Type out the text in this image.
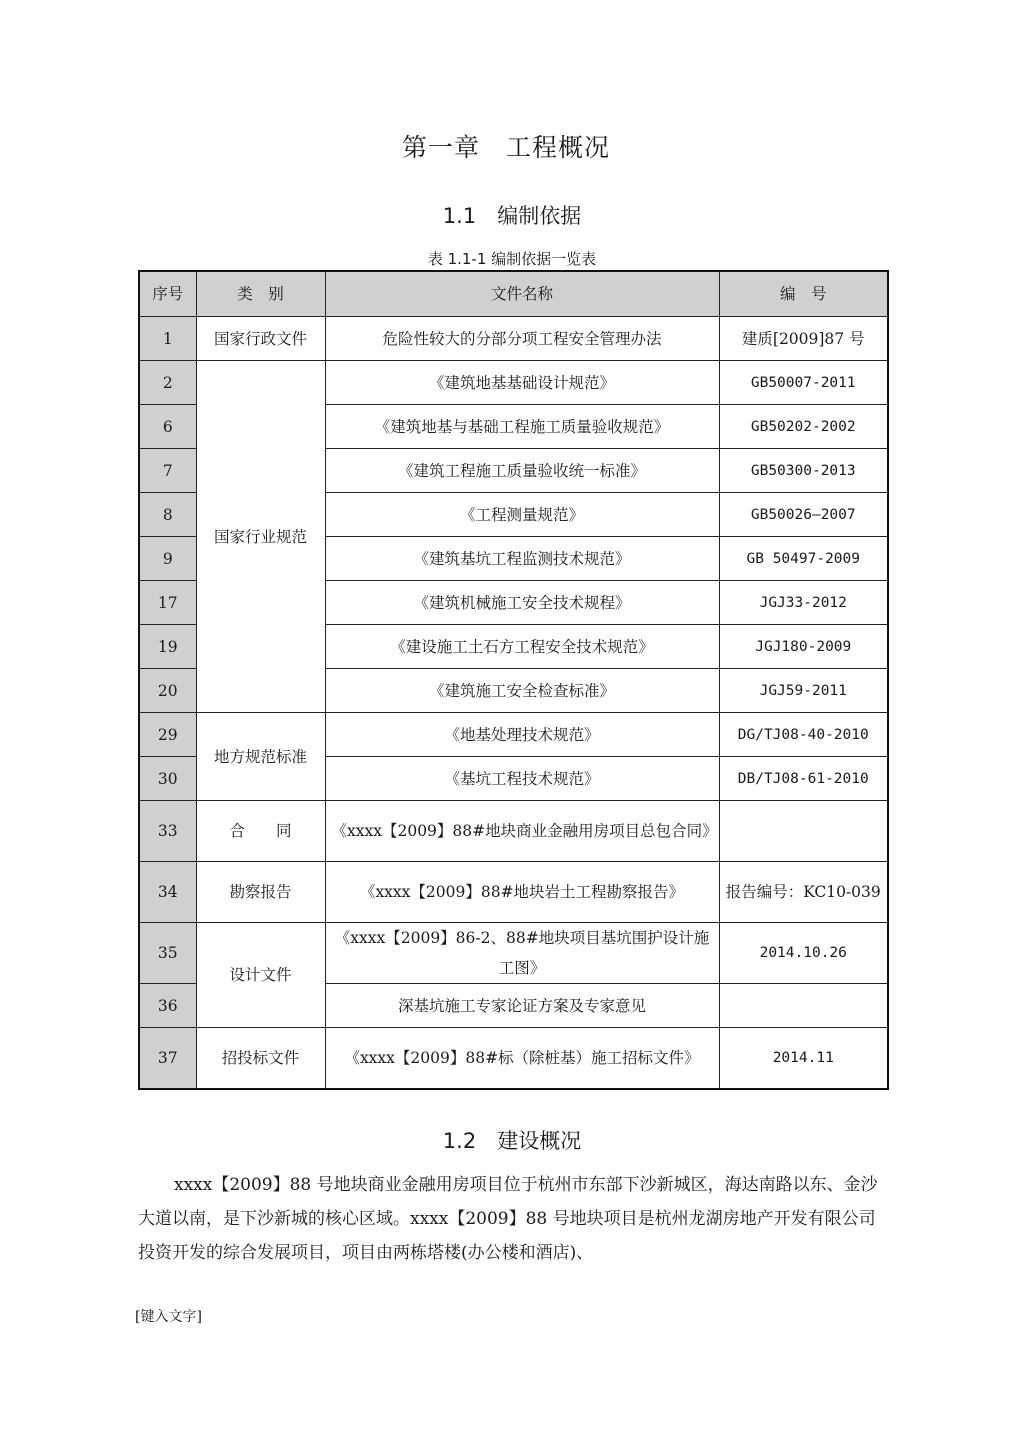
第一章　工程概况
1.1　编制依据
表 1.1-1 编制依据一览表
序号	类　别	文件名称	编　号
1	国家行政文件	危险性较大的分部分项工程安全管理办法	建质[2009]87 号
2	国家行业规范	《建筑地基基础设计规范》	GB50007-2011
6		《建筑地基与基础工程施工质量验收规范》	GB50202-2002
7		《建筑工程施工质量验收统一标准》	GB50300-2013
8		《工程测量规范》	GB50026—2007
9		《建筑基坑工程监测技术规范》	GB 50497-2009
17		《建筑机械施工安全技术规程》	JGJ33-2012
19		《建设施工土石方工程安全技术规范》	JGJ180-2009
20		《建筑施工安全检查标准》	JGJ59-2011
29	地方规范标准	《地基处理技术规范》	DG/TJ08-40-2010
30		《基坑工程技术规范》	DB/TJ08-61-2010
33	合　　同	《xxxx【2009】88#地块商业金融用房项目总包合同》	
34	勘察报告	《xxxx【2009】88#地块岩土工程勘察报告》	报告编号：KC10-039
35	设计文件	《xxxx【2009】86-2、88#地块项目基坑围护设计施工图》	2014.10.26
36		深基坑施工专家论证方案及专家意见	
37	招投标文件	《xxxx【2009】88#标（除桩基）施工招标文件》	2014.11
1.2　建设概况
xxxx【2009】88 号地块商业金融用房项目位于杭州市东部下沙新城区，海达南路以东、金沙大道以南，是下沙新城的核心区域。xxxx【2009】88 号地块项目是杭州龙湖房地产开发有限公司投资开发的综合发展项目，项目由两栋塔楼(办公楼和酒店)、
[键入文字]
